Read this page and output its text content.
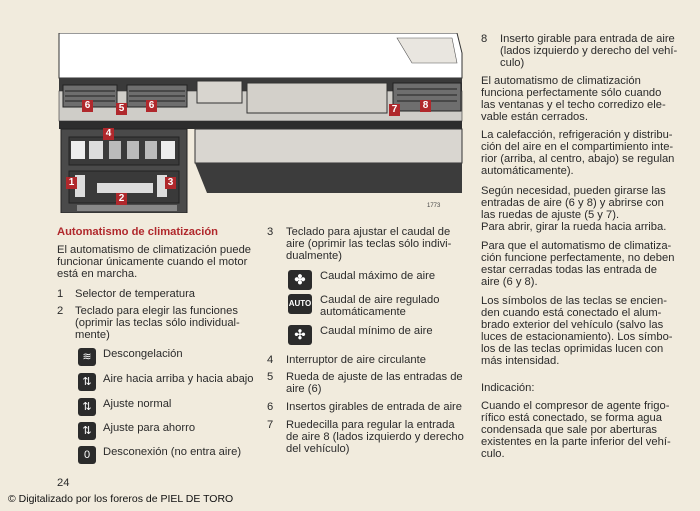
6	5 6
4
1
2
3
7	8
1773
Automatismo de climatización
El automatismo de climatización puede
funcionar únicamente cuando el motor
está en marcha.
1 Selector de temperatura
2 Teclado para elegir las funciones
(oprimir las teclas sólo individual-
mente)
≋	Descongelación
⇅	Aire hacia arriba y hacia abajo
⇅	Ajuste normal
⇅	Ajuste para ahorro
0	Desconexión (no entra aire)
24
© Digitalizado por los foreros de PIEL DE TORO
3 Teclado para ajustar el caudal de
aire (oprimir las teclas sólo indivi-
dualmente)
✤	Caudal máximo de aire
AUTO Caudal de aire regulado
automáticamente
✣	Caudal mínimo de aire
4 Interruptor de aire circulante
5 Rueda de ajuste de las entradas de
aire (6)
6 Insertos girables de entrada de aire
7 Ruedecilla para regular la entrada
de aire 8 (lados izquierdo y derecho
del vehículo)
8 Inserto girable para entrada de aire
(lados izquierdo y derecho del vehí-
culo)
El automatismo de climatización
funciona perfectamente sólo cuando
las ventanas y el techo corredizo ele-
vable están cerrados.
La calefacción, refrigeración y distribu-
ción del aire en el compartimiento inte-
rior (arriba, al centro, abajo) se regulan
automáticamente).
Según necesidad, pueden girarse las
entradas de aire (6 y 8) y abrirse con
las ruedas de ajuste (5 y 7).
Para abrir, girar la rueda hacia arriba.
Para que el automatismo de climatiza-
ción funcione perfectamente, no deben
estar cerradas todas las entrada de
aire (6 y 8).
Los símbolos de las teclas se encien-
den cuando está conectado el alum-
brado exterior del vehículo (salvo las
luces de estacionamiento). Los símbo-
los de las teclas oprimidas lucen con
más intensidad.
Indicación:
Cuando el compresor de agente frigo-
rífico está conectado, se forma agua
condensada que sale por aberturas
existentes en la parte inferior del vehí-
culo.
